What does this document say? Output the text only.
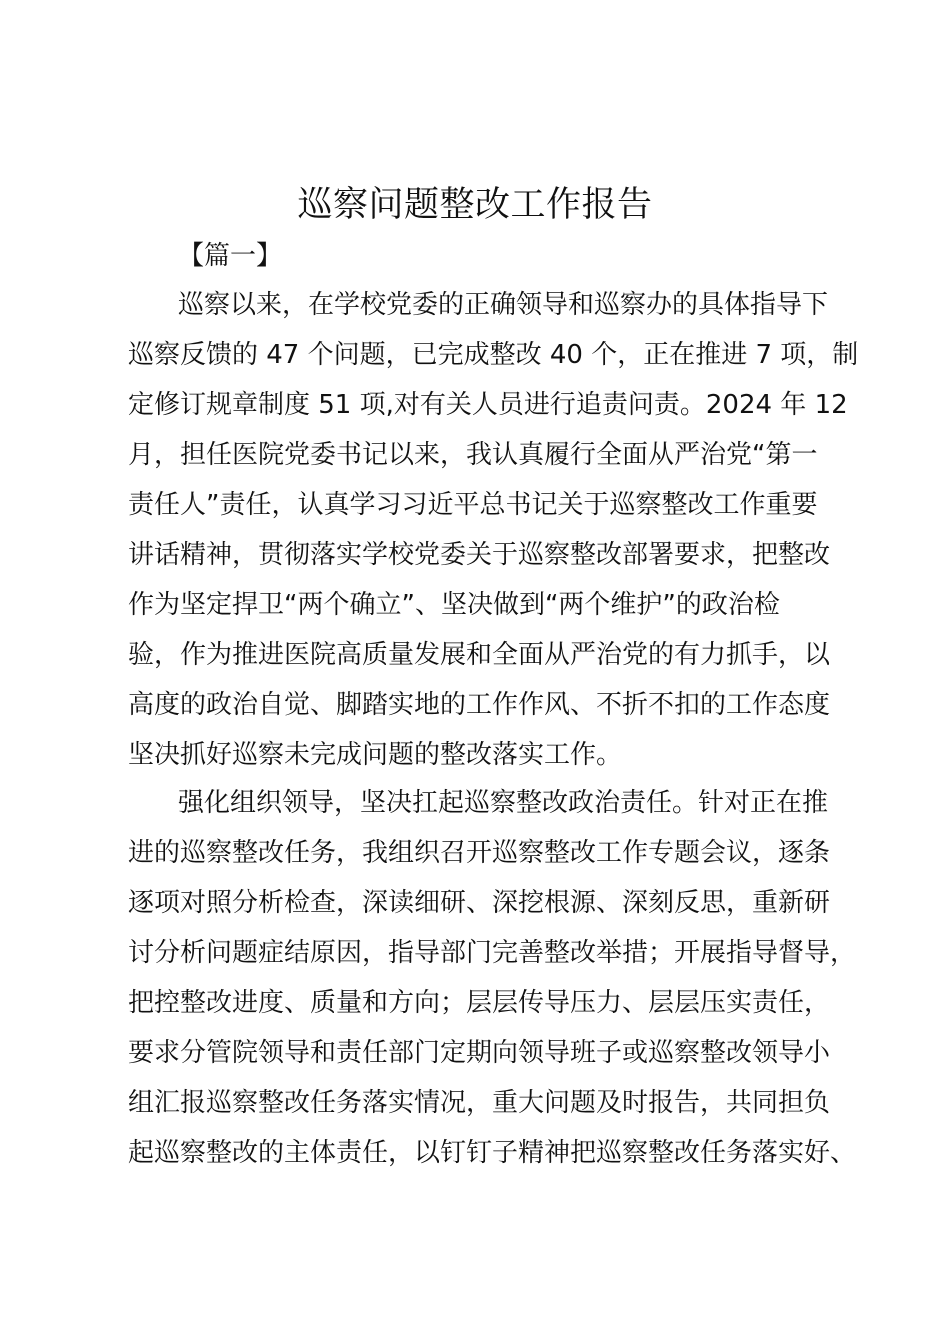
巡察问题整改工作报告
【篇一】
巡察以来，在学校党委的正确领导和巡察办的具体指导下
巡察反馈的 47 个问题，已完成整改 40 个，正在推进 7 项，制
定修订规章制度 51 项,对有关人员进行追责问责。2024 年 12
月，担任医院党委书记以来，我认真履行全面从严治党“第一
责任人”责任，认真学习习近平总书记关于巡察整改工作重要
讲话精神，贯彻落实学校党委关于巡察整改部署要求，把整改
作为坚定捍卫“两个确立”、坚决做到“两个维护”的政治检
验，作为推进医院高质量发展和全面从严治党的有力抓手，以
高度的政治自觉、脚踏实地的工作作风、不折不扣的工作态度
坚决抓好巡察未完成问题的整改落实工作。
强化组织领导，坚决扛起巡察整改政治责任。针对正在推
进的巡察整改任务，我组织召开巡察整改工作专题会议，逐条
逐项对照分析检查，深读细研、深挖根源、深刻反思，重新研
讨分析问题症结原因，指导部门完善整改举措；开展指导督导，
把控整改进度、质量和方向；层层传导压力、层层压实责任，
要求分管院领导和责任部门定期向领导班子或巡察整改领导小
组汇报巡察整改任务落实情况，重大问题及时报告，共同担负
起巡察整改的主体责任，以钉钉子精神把巡察整改任务落实好、
